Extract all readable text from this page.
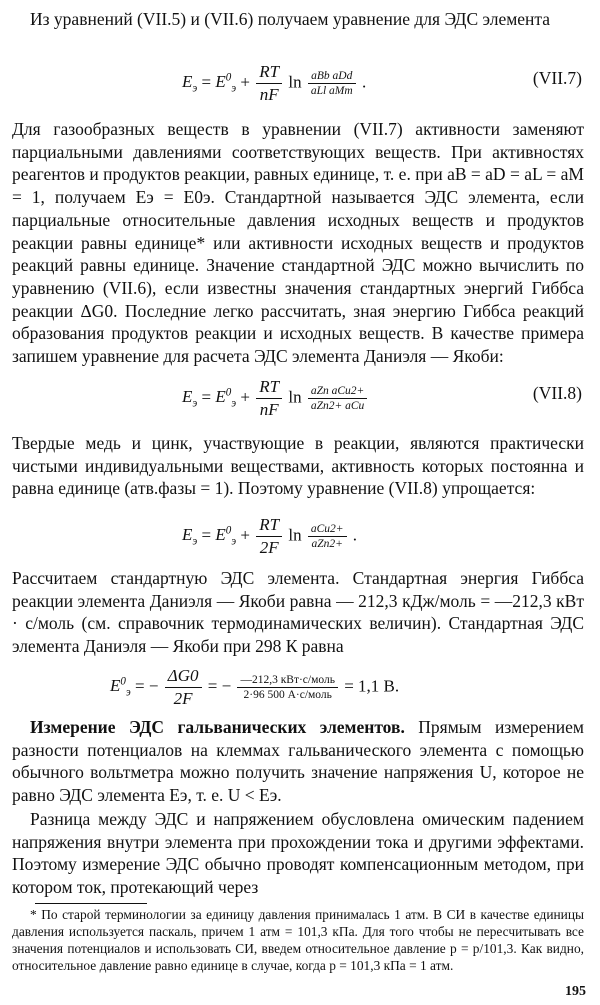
Из уравнений (VII.5) и (VII.6) получаем уравнение для ЭДС элемента

$E_э = E^0_э + \frac{RT}{nF}$ $\ln \frac{\text{aBb aDd}}{\text{aLl aMm}}$ .	(VII.7)

Для газообразных веществ в уравнении (VII.7) активности заменяют парциальными давлениями соответствующих веществ. При активностях реагентов и продуктов реакции, равных единице, т. е. при aB = aD = aL = aM = 1, получаем Eэ = E0э. Стандартной называется ЭДС элемента, если парциальные относительные давления исходных веществ и продуктов реакции равны единице* или активности исходных веществ и продуктов реакций равны единице. Значение стандартной ЭДС можно вычислить по уравнению (VII.6), если известны значения стандартных энергий Гиббса реакции ΔG0. Последние легко рассчитать, зная энергию Гиббса реакций образования продуктов реакции и исходных веществ. В качестве примера запишем уравнение для расчета ЭДС элемента Даниэля — Якоби:

$E_э = E^0_э + \frac{RT}{nF}$ $\ln \frac{\text{aZn aCu2+}}{\text{aZn2+ aCu}}$	(VII.8)

Твердые медь и цинк, участвующие в реакции, являются практически чистыми индивидуальными веществами, активность которых постоянна и равна единице (aтв.фазы = 1). Поэтому уравнение (VII.8) упрощается:

$E_э = E^0_э + \frac{RT}{2F}$ $\ln \frac{\text{aCu2+}}{\text{aZn2+}}$ .

Рассчитаем стандартную ЭДС элемента. Стандартная энергия Гиббса реакции элемента Даниэля — Якоби равна — 212,3 кДж/моль = —212,3 кВт · с/моль (см. справочник термодинамических величин). Стандартная ЭДС элемента Даниэля — Якоби при 298 К равна

$E^0_э$ = − $\frac{\Delta G0}{2F}$ = − $\frac{\text{—212,3 кВт·с/моль}}{\text{2·96 500 А·с/моль}} = 1,1$ В.

Измерение ЭДС гальванических элементов. Прямым измерением разности потенциалов на клеммах гальванического элемента с помощью обычного вольтметра можно получить значение напряжения U, которое не равно ЭДС элемента Eэ, т. е. U < Eэ.

Разница между ЭДС и напряжением обусловлена омическим падением напряжения внутри элемента при прохождении тока и другими эффектами. Поэтому измерение ЭДС обычно проводят компенсационным методом, при котором ток, протекающий через

* По старой терминологии за единицу давления принималась 1 атм. В СИ в качестве единицы давления используется паскаль, причем 1 атм = 101,3 кПа. Для того чтобы не пересчитывать все значения потенциалов и использовать СИ, введем относительное давление p = p/101,3. Как видно, относительное давление равно единице в случае, когда p = 101,3 кПа = 1 атм.

195
